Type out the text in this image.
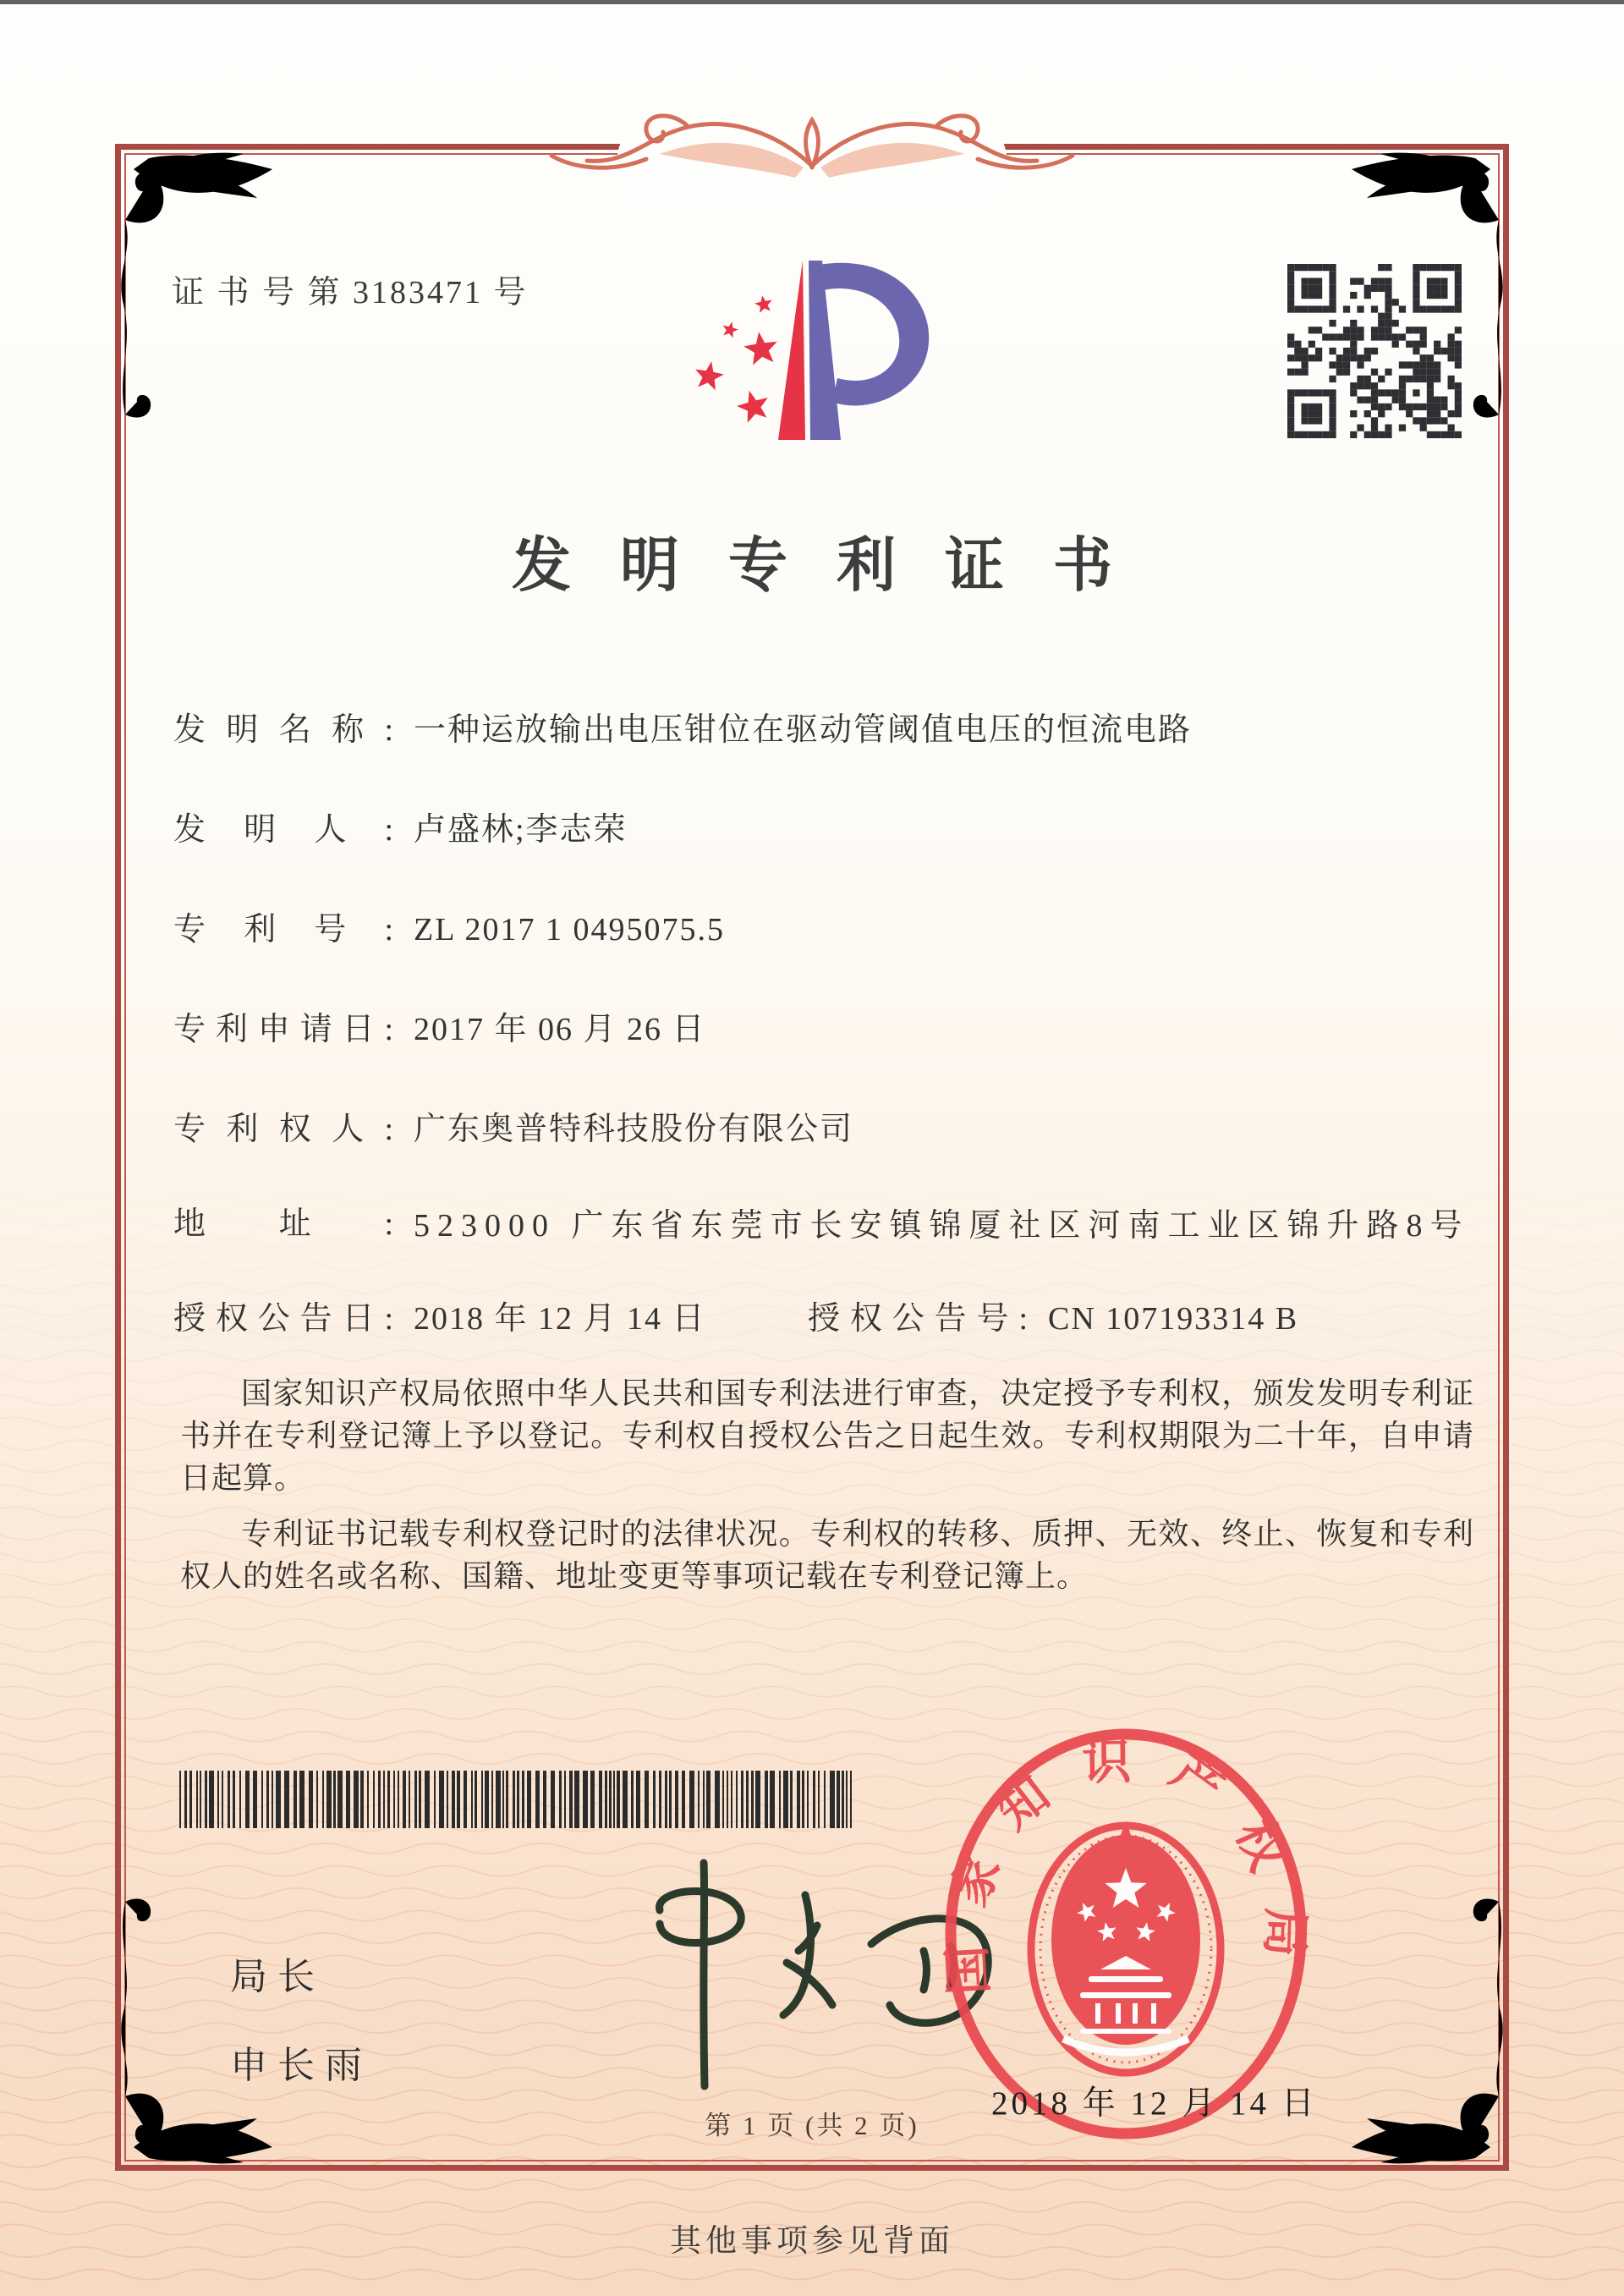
证 书 号 第 3183471 号
发明专利证书
发明名称: 一种运放输出电压钳位在驱动管阈值电压的恒流电路
发明人: 卢盛林;李志荣
专利号: ZL 2017 1 0495075.5
专利申请日: 2017 年 06 月 26 日
专利权人: 广东奥普特科技股份有限公司
地址: 523000 广东省东莞市长安镇锦厦社区河南工业区锦升路8号
授权公告日: 2018 年 12 月 14 日	授权公告号: CN 107193314 B

国家知识产权局依照中华人民共和国专利法进行审查，决定授予专利权，颁发发明专利证书并在专利登记簿上予以登记。专利权自授权公告之日起生效。专利权期限为二十年，自申请日起算。

专利证书记载专利权登记时的法律状况。专利权的转移、质押、无效、终止、恢复和专利权人的姓名或名称、国籍、地址变更等事项记载在专利登记簿上。

局长
申长雨
国家知识产权局
2018 年 12 月 14 日
第 1 页 (共 2 页)
其他事项参见背面
